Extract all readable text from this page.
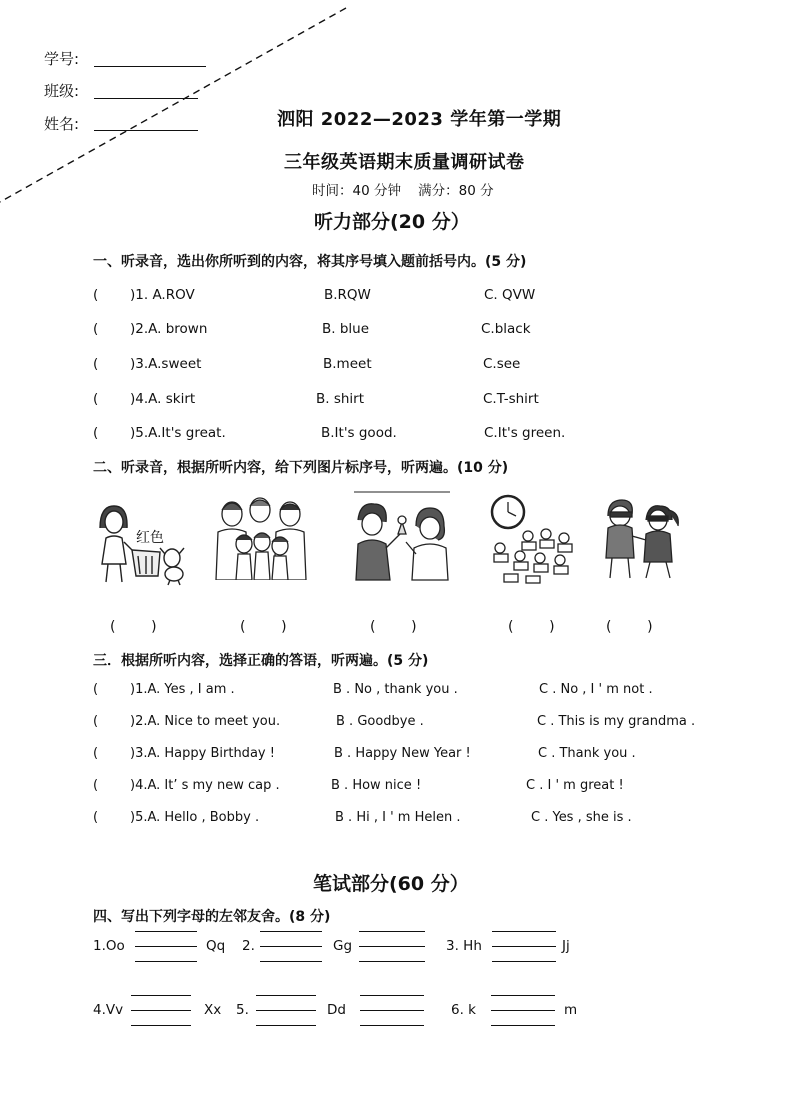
学号:
班级:
姓名:	泗阳 2022—2023 学年第一学期
三年级英语期末质量调研试卷
时间：40 分钟    满分：80 分
听力部分(20 分）
一、听录音，选出你所听到的内容，将其序号填入题前括号内。(5 分)
( )1. A.ROV	B.RQW	C. QVW
( )2.A. brown	B. blue	C.black
( )3.A.sweet	B.meet	C.see
( )4.A. skirt	B. shirt	C.T-shirt
( )5.A.It's great.	B.It's good.	C.It's green.
二、听录音，根据所听内容，给下列图片标序号，听两遍。(10 分)
红色
(        )	(        )	(        )	(        )	(        )
三．根据所听内容，选择正确的答语，听两遍。(5 分)
( )1.A. Yes , I am .	B . No , thank you .	C . No , I ' m not .
( )2.A. Nice to meet you.	B . Goodbye .	C . This is my grandma .
( )3.A. Happy Birthday !	B . Happy New Year !	C . Thank you .
( )4.A. It’ s my new cap .	B . How nice !	C . I ' m great !
( )5.A. Hello , Bobby .	B . Hi , I ' m Helen .	C . Yes , she is .
笔试部分(60 分）
四、写出下列字母的左邻友舍。(8 分)
1.Oo	Qq 2.	Gg	3. Hh	Jj
4.Vv	Xx 5.	Dd	6. k	m
